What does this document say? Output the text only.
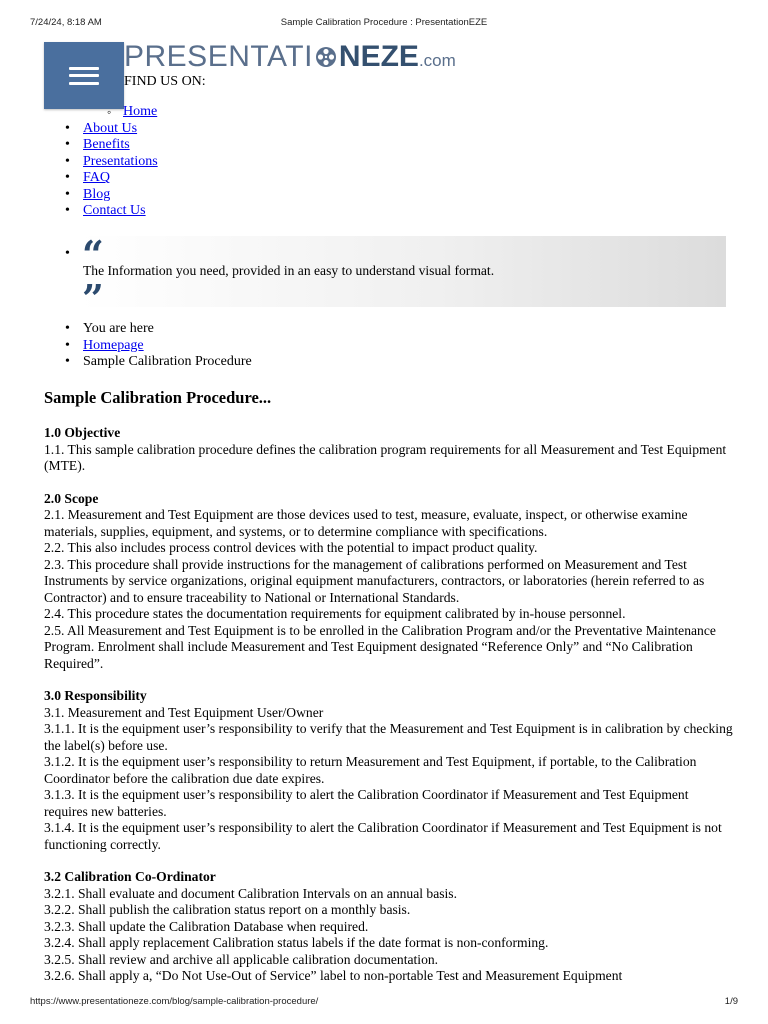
7/24/24, 8:18 AM	Sample Calibration Procedure : PresentationEZE
PRESENTATI NEZE .com
FIND US ON:
◦ Home
• About Us
• Benefits
• Presentations
• FAQ
• Blog
• Contact Us
• “
The Information you need, provided in an easy to understand visual format.
”
• You are here
• Homepage
• Sample Calibration Procedure
Sample Calibration Procedure...
1.0 Objective

1.1. This sample calibration procedure defines the calibration program requirements for all Measurement and Test Equipment (MTE).

2.0 Scope

2.1. Measurement and Test Equipment are those devices used to test, measure, evaluate, inspect, or otherwise examine materials, supplies, equipment, and systems, or to determine compliance with specifications.

2.2. This also includes process control devices with the potential to impact product quality.

2.3. This procedure shall provide instructions for the management of calibrations performed on Measurement and Test Instruments by service organizations, original equipment manufacturers, contractors, or laboratories (herein referred to as Contractor) and to ensure traceability to National or International Standards.

2.4. This procedure states the documentation requirements for equipment calibrated by in-house personnel.

2.5. All Measurement and Test Equipment is to be enrolled in the Calibration Program and/or the Preventative Maintenance Program. Enrolment shall include Measurement and Test Equipment designated “Reference Only” and “No Calibration Required”.

3.0 Responsibility

3.1. Measurement and Test Equipment User/Owner

3.1.1. It is the equipment user’s responsibility to verify that the Measurement and Test Equipment is in calibration by checking the label(s) before use.

3.1.2. It is the equipment user’s responsibility to return Measurement and Test Equipment, if portable, to the Calibration Coordinator before the calibration due date expires.

3.1.3. It is the equipment user’s responsibility to alert the Calibration Coordinator if Measurement and Test Equipment requires new batteries.

3.1.4. It is the equipment user’s responsibility to alert the Calibration Coordinator if Measurement and Test Equipment is not functioning correctly.

3.2 Calibration Co-Ordinator

3.2.1. Shall evaluate and document Calibration Intervals on an annual basis.

3.2.2. Shall publish the calibration status report on a monthly basis.

3.2.3. Shall update the Calibration Database when required.

3.2.4. Shall apply replacement Calibration status labels if the date format is non-conforming.

3.2.5. Shall review and archive all applicable calibration documentation.

3.2.6. Shall apply a, “Do Not Use-Out of Service” label to non-portable Test and Measurement Equipment

https://www.presentationeze.com/blog/sample-calibration-procedure/	1/9
